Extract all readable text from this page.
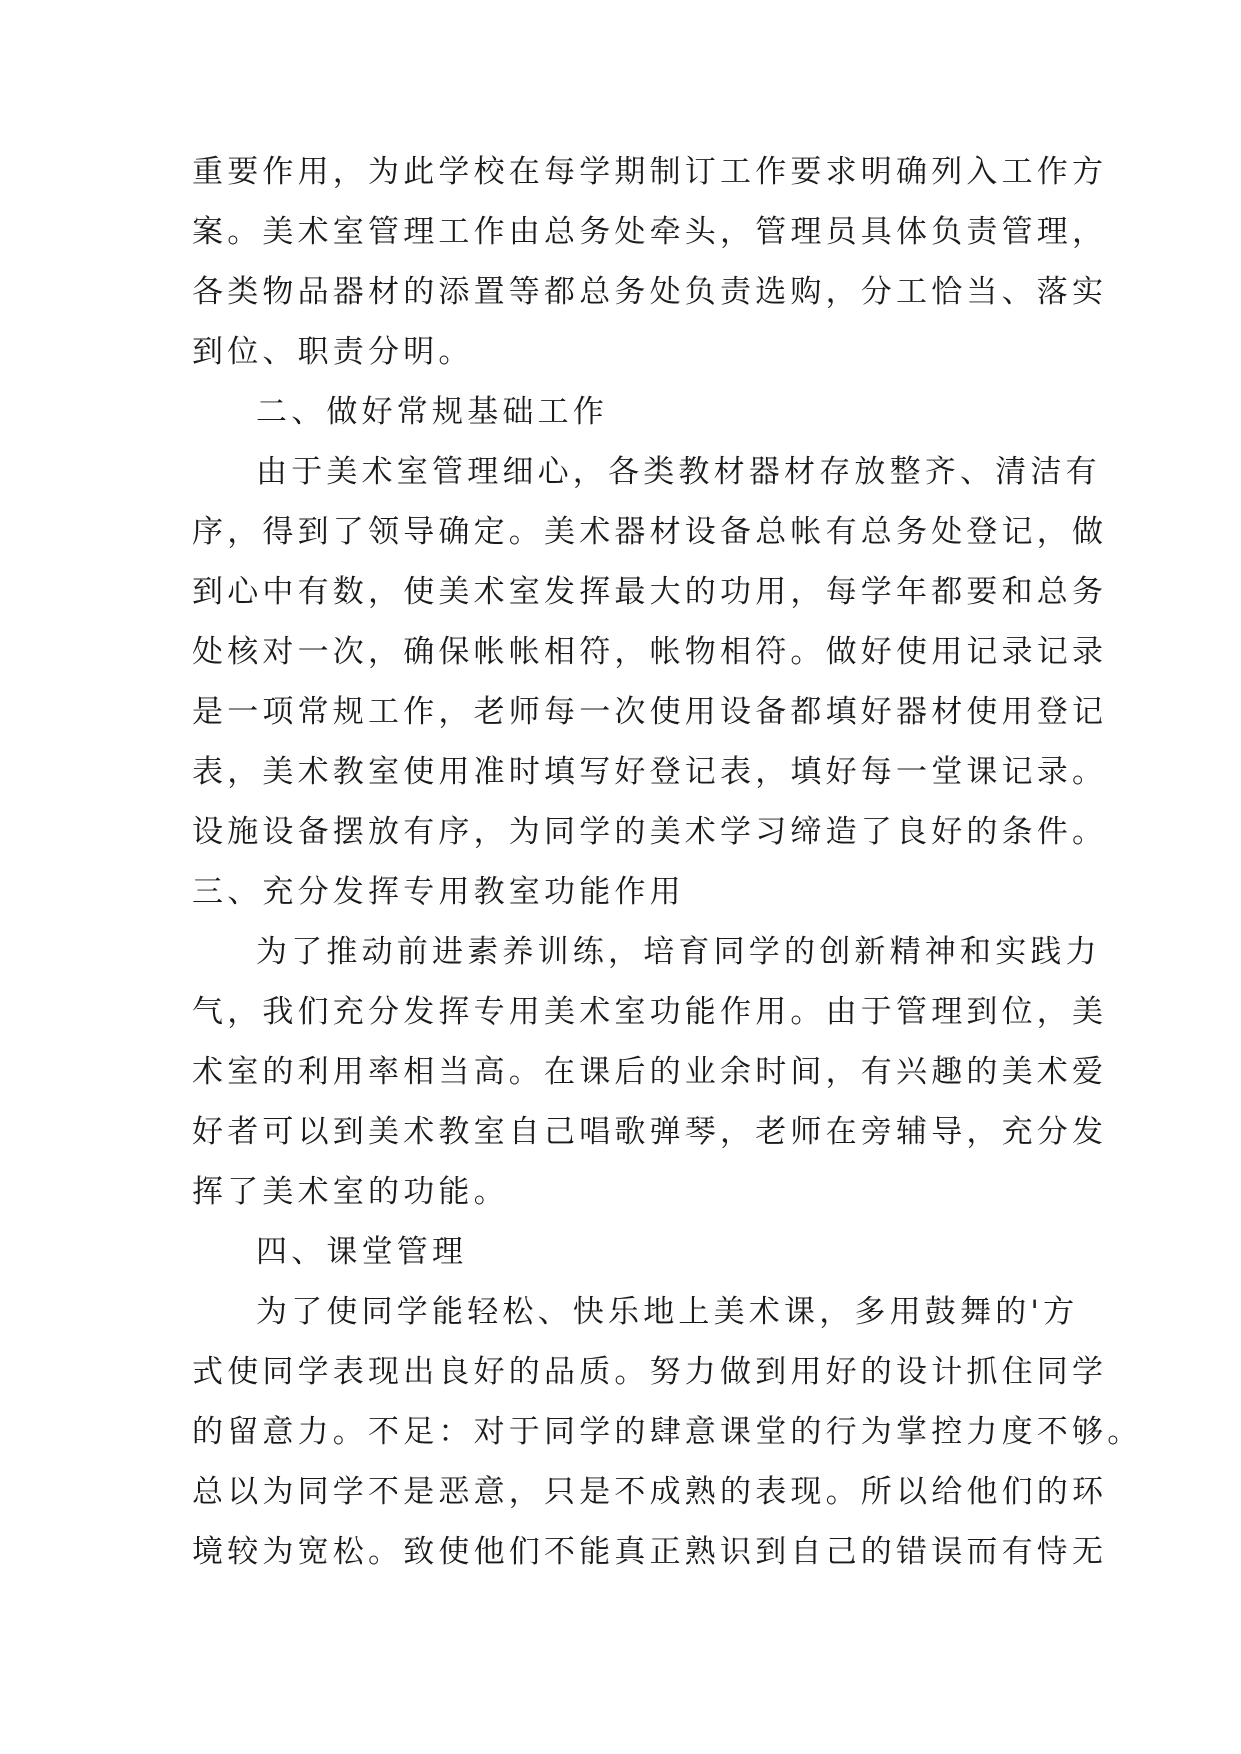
重要作用，为此学校在每学期制订工作要求明确列入工作方
案。美术室管理工作由总务处牵头，管理员具体负责管理，
各类物品器材的添置等都总务处负责选购，分工恰当、落实
到位、职责分明。
二、做好常规基础工作
由于美术室管理细心，各类教材器材存放整齐、清洁有
序，得到了领导确定。美术器材设备总帐有总务处登记，做
到心中有数，使美术室发挥最大的功用，每学年都要和总务
处核对一次，确保帐帐相符，帐物相符。做好使用记录记录
是一项常规工作，老师每一次使用设备都填好器材使用登记
表，美术教室使用准时填写好登记表，填好每一堂课记录。
设施设备摆放有序，为同学的美术学习缔造了良好的条件。
三、充分发挥专用教室功能作用
为了推动前进素养训练，培育同学的创新精神和实践力
气，我们充分发挥专用美术室功能作用。由于管理到位，美
术室的利用率相当高。在课后的业余时间，有兴趣的美术爱
好者可以到美术教室自己唱歌弹琴，老师在旁辅导，充分发
挥了美术室的功能。
四、课堂管理
为了使同学能轻松、快乐地上美术课，多用鼓舞的'方
式使同学表现出良好的品质。努力做到用好的设计抓住同学
的留意力。不足：对于同学的肆意课堂的行为掌控力度不够。
总以为同学不是恶意，只是不成熟的表现。所以给他们的环
境较为宽松。致使他们不能真正熟识到自己的错误而有恃无
